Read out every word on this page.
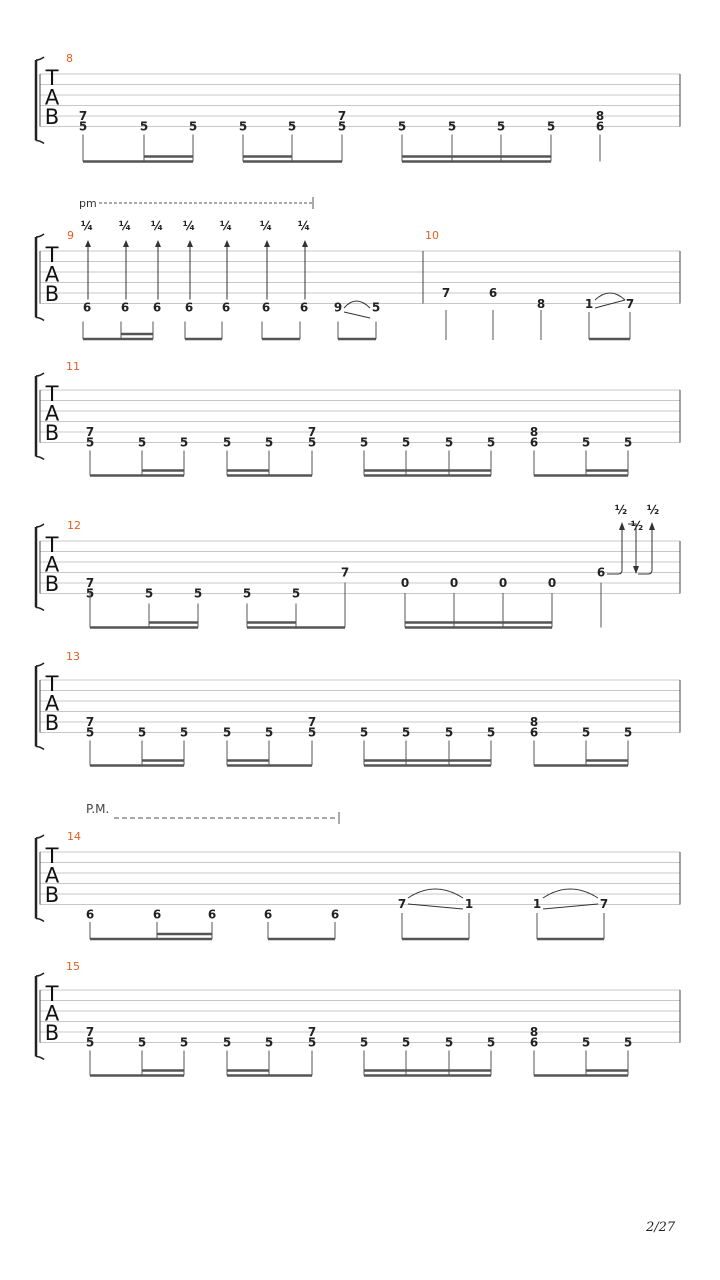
T
A
B
8
7
5	5	5	5	5
7
5	5	5	5	5
8
6
T
A
B
9	10
pm
6
¼
6
¼
6
¼
6
¼
6
¼
6
¼
6
¼
9 5
7	6
8	1	7
T
A
B
11
7
5	5	5	5	5
7
5	5	5	5	5
8
6	5	5
T
A
B
13
7
5	5	5	5	5
7
5	5	5	5	5
8
6	5	5
T
A
B
15
7
5	5	5	5	5
7
5	5	5	5	5
8
6	5	5
T
A
B
12
7
5	5	5	5	5
7
0	0	0	0
6
½
½
½
T
A
B
14
P.M.
6	6	6	6	6
7	1	1	7
2/27
